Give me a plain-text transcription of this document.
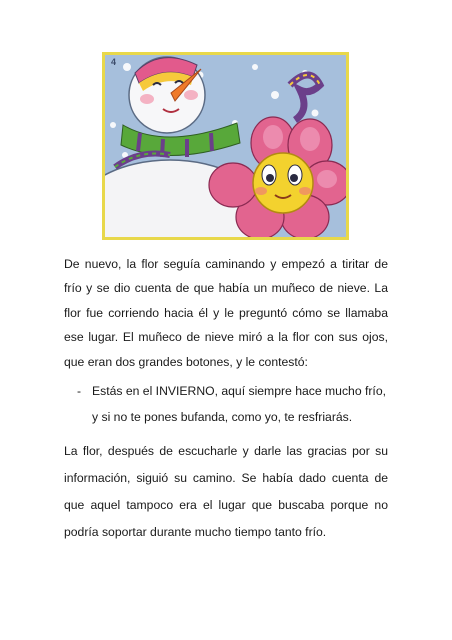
4

De nuevo, la flor seguía caminando y empezó a tiritar de frío y se dio cuenta de que había un muñeco de nieve. La flor fue corriendo hacia él y le preguntó cómo se llamaba ese lugar. El muñeco de nieve miró a la flor con sus ojos, que eran dos grandes botones, y le contestó:

- Estás en el INVIERNO, aquí siempre hace mucho frío,
y si no te pones bufanda, como yo, te resfriarás.

La flor, después de escucharle y darle las gracias por su información, siguió su camino. Se había dado cuenta de que aquel tampoco era el lugar que buscaba porque no podría soportar durante mucho tiempo tanto frío.
